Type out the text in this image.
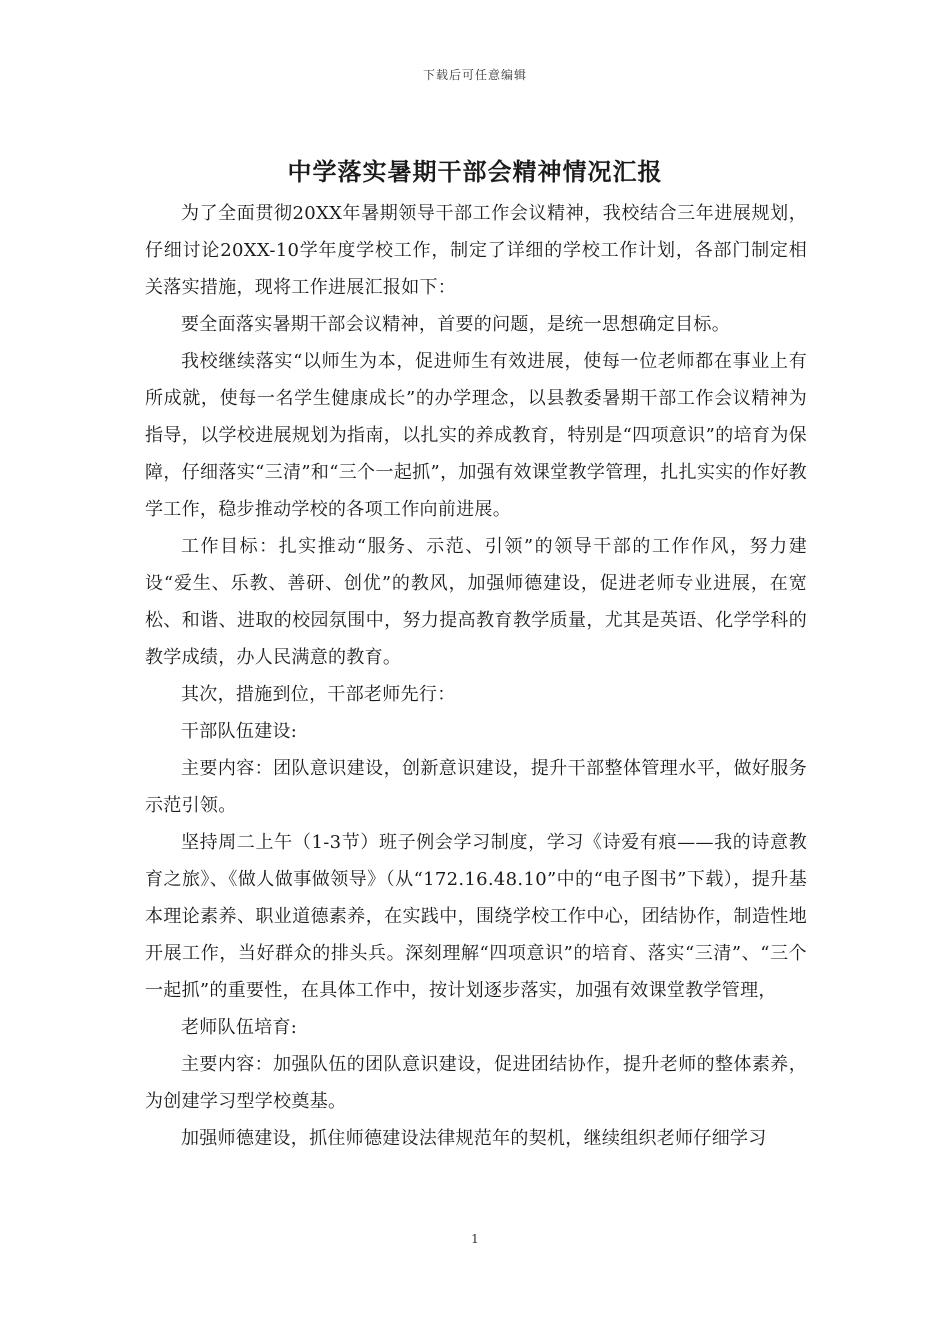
下载后可任意编辑
中学落实暑期干部会精神情况汇报

为了全面贯彻20XX年暑期领导干部工作会议精神，我校结合三年进展规划，仔细讨论20XX-10学年度学校工作，制定了详细的学校工作计划，各部门制定相关落实措施，现将工作进展汇报如下：

要全面落实暑期干部会议精神，首要的问题，是统一思想确定目标。

我校继续落实“以师生为本，促进师生有效进展，使每一位老师都在事业上有所成就，使每一名学生健康成长”的办学理念，以县教委暑期干部工作会议精神为指导，以学校进展规划为指南，以扎实的养成教育，特别是“四项意识”的培育为保障，仔细落实“三清”和“三个一起抓”，加强有效课堂教学管理，扎扎实实的作好教学工作，稳步推动学校的各项工作向前进展。

工作目标：扎实推动“服务、示范、引领”的领导干部的工作作风，努力建设“爱生、乐教、善研、创优”的教风，加强师德建设，促进老师专业进展，在宽松、和谐、进取的校园氛围中，努力提高教育教学质量，尤其是英语、化学学科的教学成绩，办人民满意的教育。

其次，措施到位，干部老师先行：

干部队伍建设:

主要内容：团队意识建设，创新意识建设，提升干部整体管理水平，做好服务示范引领。

坚持周二上午（1-3节）班子例会学习制度，学习《诗爱有痕——我的诗意教育之旅》、《做人做事做领导》（从“172.16.48.10”中的“电子图书”下载），提升基本理论素养、职业道德素养，在实践中，围绕学校工作中心，团结协作，制造性地开展工作，当好群众的排头兵。深刻理解“四项意识”的培育、落实“三清”、“三个一起抓”的重要性，在具体工作中，按计划逐步落实，加强有效课堂教学管理，

老师队伍培育:

主要内容：加强队伍的团队意识建设，促进团结协作，提升老师的整体素养，为创建学习型学校奠基。

加强师德建设，抓住师德建设法律规范年的契机，继续组织老师仔细学习

1
